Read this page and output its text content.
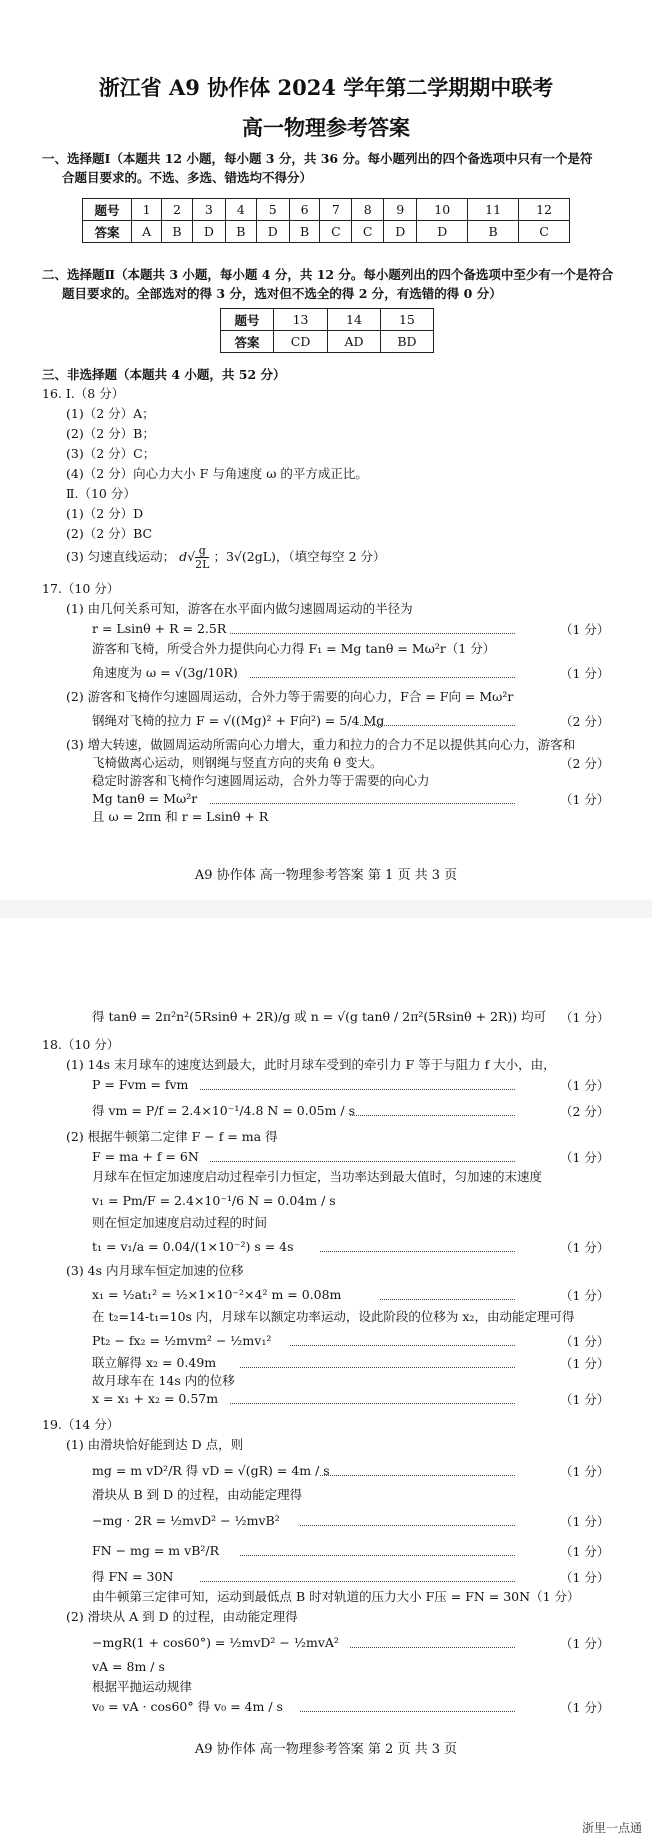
浙江省 A9 协作体 2024 学年第二学期期中联考
高一物理参考答案
一、选择题Ⅰ（本题共 12 小题，每小题 3 分，共 36 分。每小题列出的四个备选项中只有一个是符
合题目要求的。不选、多选、错选均不得分）
题号	1	2	3	4	5	6	7	8	9	10	11	12
答案	A	B	D	B	D	B	C	C	D	D	B	C
二、选择题Ⅱ（本题共 3 小题，每小题 4 分，共 12 分。每小题列出的四个备选项中至少有一个是符合
题目要求的。全部选对的得 3 分，选对但不选全的得 2 分，有选错的得 0 分）
题号	13	14	15
答案	CD	AD	BD
三、非选择题（本题共 4 小题，共 52 分）
16. Ⅰ.（8 分）
(1)（2 分）A；
(2)（2 分）B；
(3)（2 分）C；
(4)（2 分）向心力大小 F 与角速度 ω 的平方成正比。
Ⅱ.（10 分）
(1)（2 分）D
(2)（2 分）BC
(3) 匀速直线运动； $d√ \frac{g}{2L}$ ；3√(2gL)，（填空每空 2 分）
17.（10 分）
(1) 由几何关系可知，游客在水平面内做匀速圆周运动的半径为
r = Lsinθ + R = 2.5R	（1 分）
游客和飞椅，所受合外力提供向心力得 F₁ = Mg tanθ = Mω²r（1 分）
角速度为 ω = √(3g/10R)	（1 分）
(2) 游客和飞椅作匀速圆周运动，合外力等于需要的向心力，F合 = F向 = Mω²r
钢绳对飞椅的拉力 F = √((Mg)² + F向²) = 5/4 Mg	（2 分）
(3) 增大转速，做圆周运动所需向心力增大，重力和拉力的合力不足以提供其向心力，游客和
飞椅做离心运动，则钢绳与竖直方向的夹角 θ 变大。	（2 分）
稳定时游客和飞椅作匀速圆周运动，合外力等于需要的向心力
Mg tanθ = Mω²r	（1 分）
且 ω = 2πn 和 r = Lsinθ + R
A9 协作体 高一物理参考答案 第 1 页 共 3 页
得 tanθ = 2π²n²(5Rsinθ + 2R)/g 或 n = √(g tanθ / 2π²(5Rsinθ + 2R)) 均可 （1 分）
18.（10 分）
(1) 14s 末月球车的速度达到最大，此时月球车受到的牵引力 F 等于与阻力 f 大小，由，
P = Fvm = fvm	（1 分）
得 vm = P/f = 2.4×10⁻¹/4.8 N = 0.05m / s	（2 分）
(2) 根据牛顿第二定律 F − f = ma 得
F = ma + f = 6N	（1 分）
月球车在恒定加速度启动过程牵引力恒定，当功率达到最大值时，匀加速的末速度
v₁ = Pm/F = 2.4×10⁻¹/6 N = 0.04m / s
则在恒定加速度启动过程的时间
t₁ = v₁/a = 0.04/(1×10⁻²) s = 4s	（1 分）
(3) 4s 内月球车恒定加速的位移
x₁ = ½at₁² = ½×1×10⁻²×4² m = 0.08m	（1 分）
在 t₂=14-t₁=10s 内，月球车以额定功率运动，设此阶段的位移为 x₂，由动能定理可得
Pt₂ − fx₂ = ½mvm² − ½mv₁²	（1 分）
联立解得 x₂ = 0.49m	（1 分）
故月球车在 14s 内的位移
x = x₁ + x₂ = 0.57m	（1 分）
19.（14 分）
(1) 由滑块恰好能到达 D 点，则
mg = m vD²/R 得 vD = √(gR) = 4m / s	（1 分）
滑块从 B 到 D 的过程，由动能定理得
−mg · 2R = ½mvD² − ½mvB²	（1 分）
FN − mg = m vB²/R	（1 分）
得 FN = 30N	（1 分）
由牛顿第三定律可知，运动到最低点 B 时对轨道的压力大小 F压 = FN = 30N（1 分）
(2) 滑块从 A 到 D 的过程，由动能定理得
−mgR(1 + cos60°) = ½mvD² − ½mvA²	（1 分）
vA = 8m / s
根据平抛运动规律
v₀ = vA · cos60° 得 v₀ = 4m / s	（1 分）
A9 协作体 高一物理参考答案 第 2 页 共 3 页
浙里一点通
